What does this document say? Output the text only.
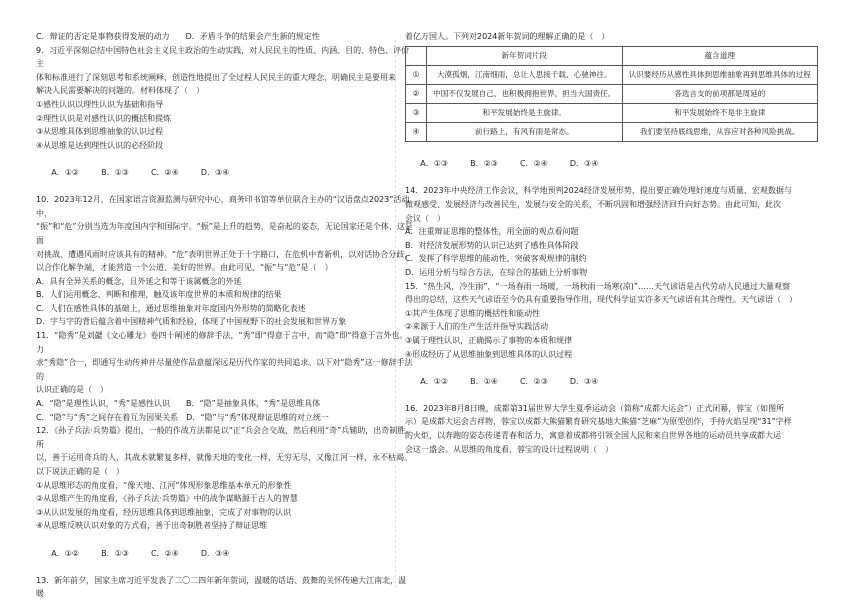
C．辩证的否定是事物获得发展的动力　　D．矛盾斗争的结果会产生新的规定性

9．习近平深刻总结中国特色社会主义民主政治的生动实践，对人民民主的性质、内涵、目的、特色、评价主

体和标准进行了深刻思考和系统阐释，创造性地提出了全过程人民民主的重大理念，明确民主是要用来

解决人民需要解决的问题的。材料体现了（　）

①感性认识以理性认识为基础和指导

②理性认识是对感性认识的概括和提炼

③从思维具体到思维抽象的认识过程

④从思维是达到理性认识的必经阶段

A．①②	B．①③	C．②④	D．③④

10．2023年12月，在国家语言资源监测与研究中心，商务印书馆等单位联合主办的“汉语盘点2023”活动中，

“振”和“危”分别当选为年度国内字和国际字。“振”是上升的趋势，是奋起的姿态，无论国家还是个体，这是面

对挑战、遭遇风雨时应该具有的精神。“危”表明世界正处于十字路口，在危机中育新机，以对话协合分歧，

以合作化解争端，才能营造一个公道、美好的世界。由此可见，“振”与“危”是（　）

A．具有全异关系的概念，且外延之和等于该属概念的外延

B．人们运用概念、判断和推理，触及该年度世界的本质和规律的结果

C．人们在感性具体的基础上，通过思维抽象对年度国内外形势的简略化表述

D．字与字的背后蕴含着中国精神气质和经验，体现了中国视野下的社会发展和世界万象

11．“隐秀”是刘勰《文心雕龙》卷四十阐述的修辞手法，“秀”即“得意于言中，而“隐”即“得意于言外也。力

求“秀隐”合一，即通写生动传神并尽量使作品意蕴深远是历代作家的共同追求。以下对“隐秀”这一修辞手法的

认识正确的是（　）

A．“隐”是理性认识，“秀”是感性认识　　B．“隐”是抽象具体，“秀”是思维具体

C．“隐”与“秀”之间存在着互为因果关系　D．“隐”与“秀”体现辩证思维的对立统一

12．《孙子兵法·兵势篇》提出，一般的作战方法都是以“正”兵会合交战，然后利用“奇”兵辅助，出奇制胜。所

以，善于运用奇兵的人，其战术就繁复多样，就像天地的变化一样，无穷无尽，又像江河一样，永不枯竭。

以下说法正确的是（　）

①从思维形态的角度看，“像天地、江河”体现形象思维基本单元的形象性

②从思维产生的角度看，《孙子兵法·兵势篇》中的战争谋略源于古人的智慧

③从认识发展的角度看，经历思维具体到思维抽象，完成了对事物的认识

④从思维反映认识对象的方式看，善于出奇制胜者坚持了辩证思维

A．①②	B．①③	C．②④	D．③④

13．新年前夕，国家主席习近平发表了二〇二四年新年贺词，温暖的话语、鼓舞的关怀传遍大江南北，温暖

着亿万国人。下列对2024新年贺词的理解正确的是（　）

	新年贺词片段	蕴含道理
①	大漠孤烟，江南细雨，总让人思接千载、心驰神往。	认识要经历从感性具体到思维抽象再到思维具体的过程
②	中国不仅发展自己，也积极拥抱世界，担当大国责任。	各选言支的前项都是周延的
③	和平发展始终是主旋律。	和平发展始终不是非主旋律
④	前行路上，有风有雨是常态。	我们要坚持底线思维，从容应对各种风险挑战。

A．①③	B．②③	C．②④	D．③④

14．2023年中央经济工作会议，科学地预判2024经济发展形势，提出要正确处理好速度与质量、宏观数据与

微观感受、发展经济与改善民生，发展与安全的关系，不断巩固和增强经济回升向好态势。由此可知，此次

会议（　）

A．注重辩证思维的整体性，用全面的观点看问题

B．对经济发展形势的认识已达到了感性具体阶段

C．发挥了科学思维的能动性，突破客观规律的制约

D．运用分析与综合方法，在综合的基础上分析事物

15．“热生风，冷生雨”，“一场春雨一场暖，一场秋雨一场寒(凉)”……天气谚语是古代劳动人民通过大量观察

得出的总结，这些天气谚语至今仍具有重要指导作用，现代科学证实许多天气谚语有其合理性。天气谚语（　）

①其产生体现了思维的概括性和能动性

②来源于人们的生产生活并指导实践活动

③属于理性认识，正确揭示了事物的本质和规律

④形成经历了从思维抽象到思维具体的认识过程

A．①②	B．①④	C．②③	D．③④

16．2023年8月8日晚，成都第31届世界大学生夏季运动会（简称“成都大运会”）正式闭幕，蓉宝（如图所

示）是成都大运会吉祥物，蓉宝以成都大熊猫繁育研究基地大熊猫“芝麻”为原型创作，手持火焰呈现“31”字样

的火炬，以奔跑的姿态传递青春和活力，寓意着成都将引领全国人民和来自世界各地的运动员共享成都大运

会这一盛会。从思维的角度看，蓉宝的设计过程说明（　）
